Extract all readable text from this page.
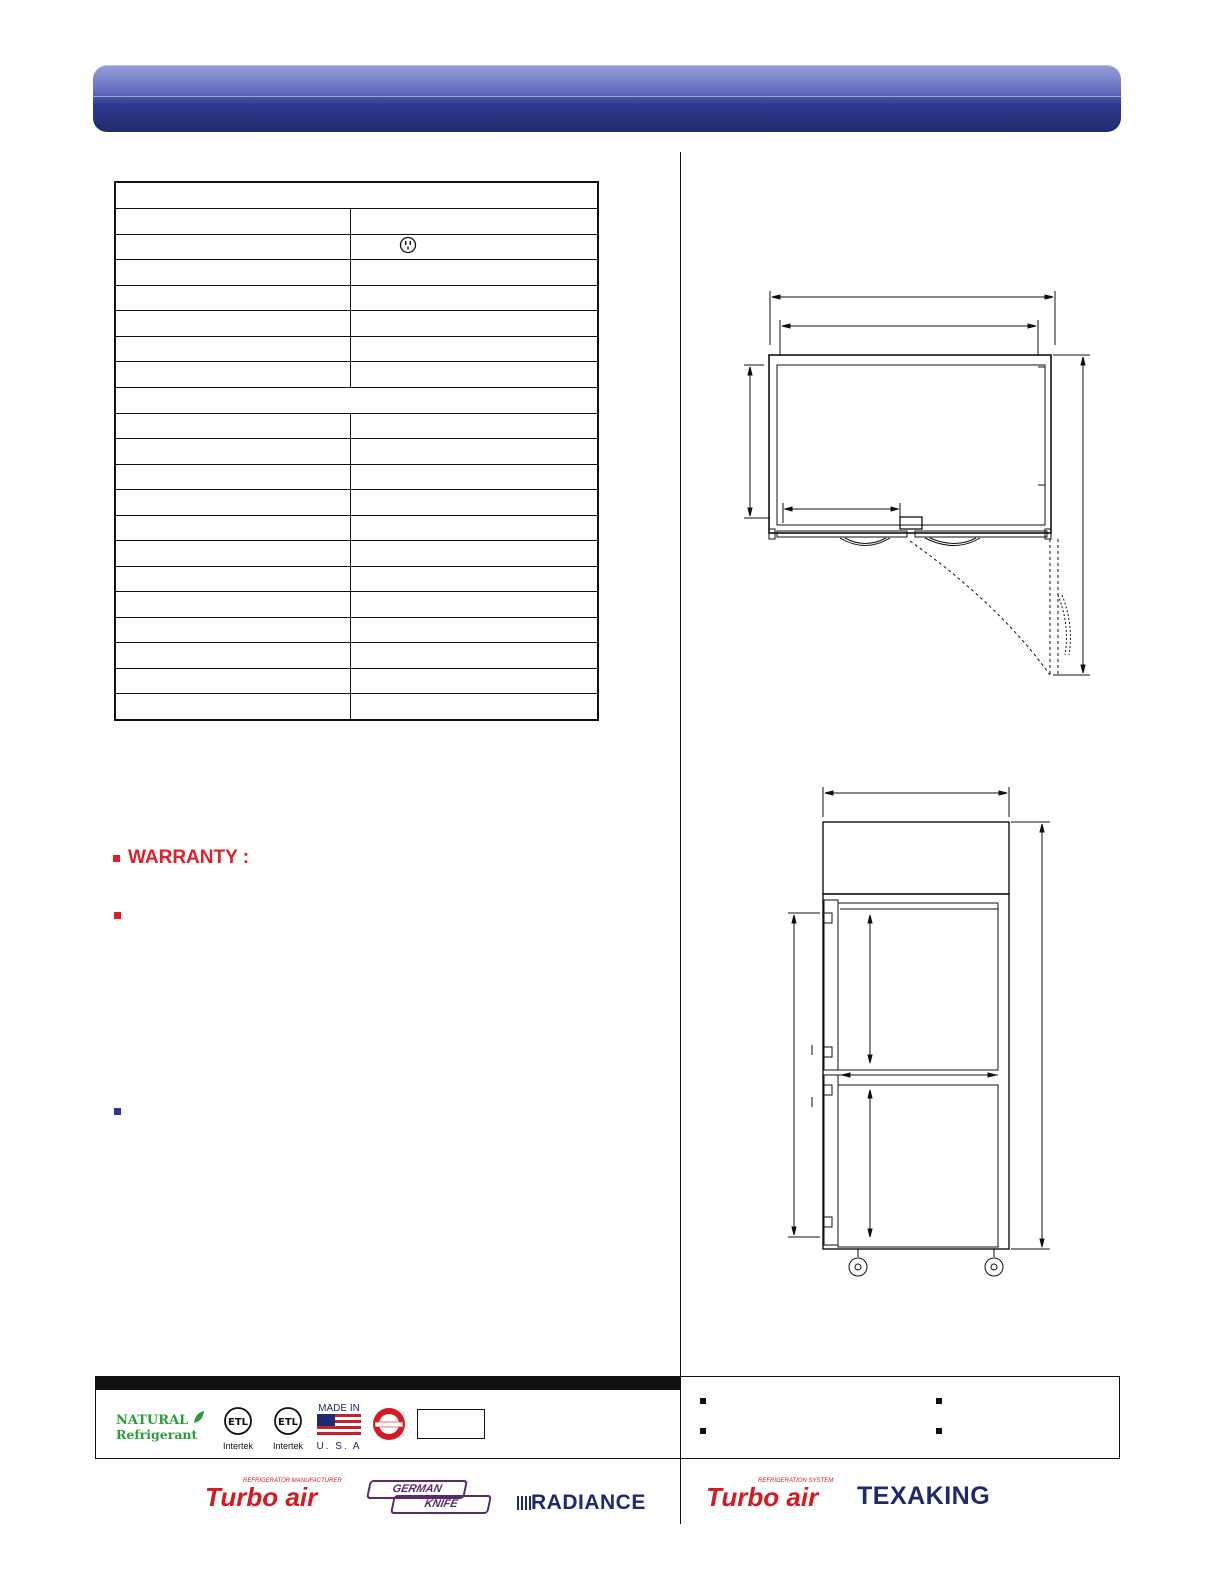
WARRANTY :
NATURAL
Refrigerant
ETL
Intertek
ETL
Intertek
MADE IN
U. S. A
REFRIGERATOR MANUFACTURER
Turbo air	GERMAN
KNIFE	RADIANCE
REFRIGERATION SYSTEM
Turbo air	TEXAKING
